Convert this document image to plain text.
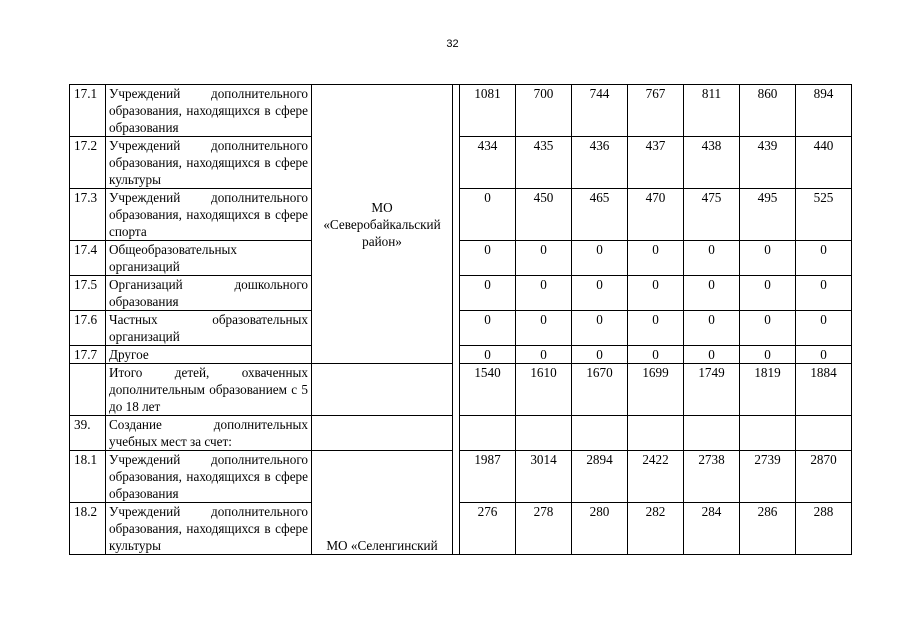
32
17.1	Учреждений дополнительного образования, находящихся в сфере образования	МО «Северобайкальский район»		1081	700	744	767	811	860	894
17.2	Учреждений дополнительного образования, находящихся в сфере культуры			434	435	436	437	438	439	440
17.3	Учреждений дополнительного образования, находящихся в сфере спорта			0	450	465	470	475	495	525
17.4	Общеобразовательных организаций			0	0	0	0	0	0	0
17.5	Организаций дошкольного образования			0	0	0	0	0	0	0
17.6	Частных образовательных организаций			0	0	0	0	0	0	0
17.7	Другое			0	0	0	0	0	0	0
	Итого детей, охваченных дополнительным образованием с 5 до 18 лет			1540	1610	1670	1699	1749	1819	1884
39.	Создание дополнительных учебных мест за счет:									
18.1	Учреждений дополнительного образования, находящихся в сфере образования	МО «Селенгинский		1987	3014	2894	2422	2738	2739	2870
18.2	Учреждений дополнительного образования, находящихся в сфере культуры			276	278	280	282	284	286	288
